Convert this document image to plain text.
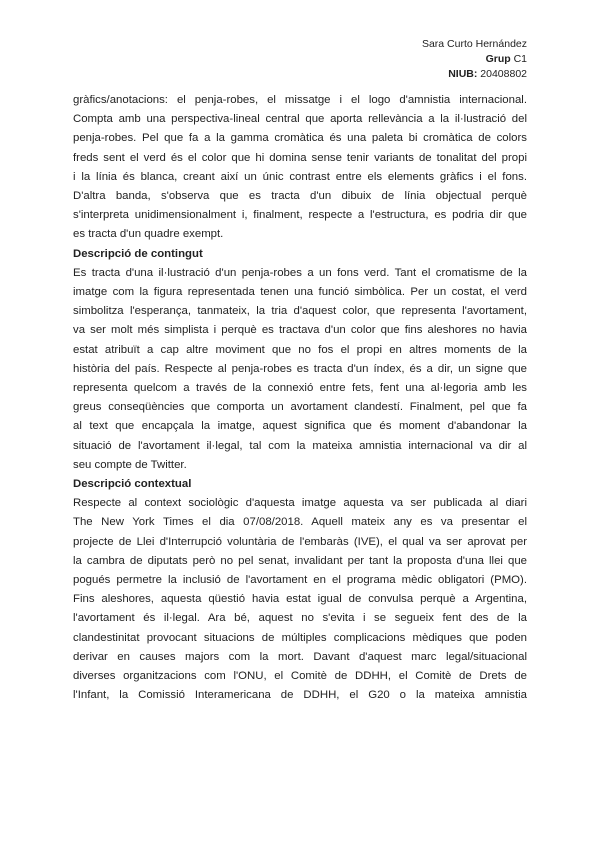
Sara Curto Hernández
Grup C1
NIUB: 20408802

gràfics/anotacions: el penja-robes, el missatge i el logo d'amnistia internacional.
Compta amb una perspectiva-lineal central que aporta rellevància a la il·lustració del
penja-robes. Pel que fa a la gamma cromàtica és una paleta bi cromàtica de colors
freds sent el verd és el color que hi domina sense tenir variants de tonalitat del propi
i la línia és blanca, creant així un únic contrast entre els elements gràfics i el fons.
D'altra banda, s'observa que es tracta d'un dibuix de línia objectual perquè
s'interpreta unidimensionalment i, finalment, respecte a l'estructura, es podria dir que
es tracta d'un quadre exempt.

Descripció de contingut

Es tracta d'una il·lustració d'un penja-robes a un fons verd. Tant el cromatisme de la
imatge com la figura representada tenen una funció simbòlica. Per un costat, el verd
simbolitza l'esperança, tanmateix, la tria d'aquest color, que representa l'avortament,
va ser molt més simplista i perquè es tractava d'un color que fins aleshores no havia
estat atribuït a cap altre moviment que no fos el propi en altres moments de la
història del país. Respecte al penja-robes es tracta d'un índex, és a dir, un signe que
representa quelcom a través de la connexió entre fets, fent una al·legoria amb les
greus conseqüències que comporta un avortament clandestí. Finalment, pel que fa
al text que encapçala la imatge, aquest significa que és moment d'abandonar la
situació de l'avortament il·legal, tal com la mateixa amnistia internacional va dir al
seu compte de Twitter.

Descripció contextual

Respecte al context sociològic d'aquesta imatge aquesta va ser publicada al diari
The New York Times el dia 07/08/2018. Aquell mateix any es va presentar el
projecte de Llei d'Interrupció voluntària de l'embaràs (IVE), el qual va ser aprovat per
la cambra de diputats però no pel senat, invalidant per tant la proposta d'una llei que
pogués permetre la inclusió de l'avortament en el programa mèdic obligatori (PMO).
Fins aleshores, aquesta qüestió havia estat igual de convulsa perquè a Argentina,
l'avortament és il·legal. Ara bé, aquest no s'evita i se segueix fent des de la
clandestinitat provocant situacions de múltiples complicacions mèdiques que poden
derivar en causes majors com la mort. Davant d'aquest marc legal/situacional
diverses organitzacions com l'ONU, el Comitè de DDHH, el Comitè de Drets de
l'Infant, la Comissió Interamericana de DDHH, el G20 o la mateixa amnistia
